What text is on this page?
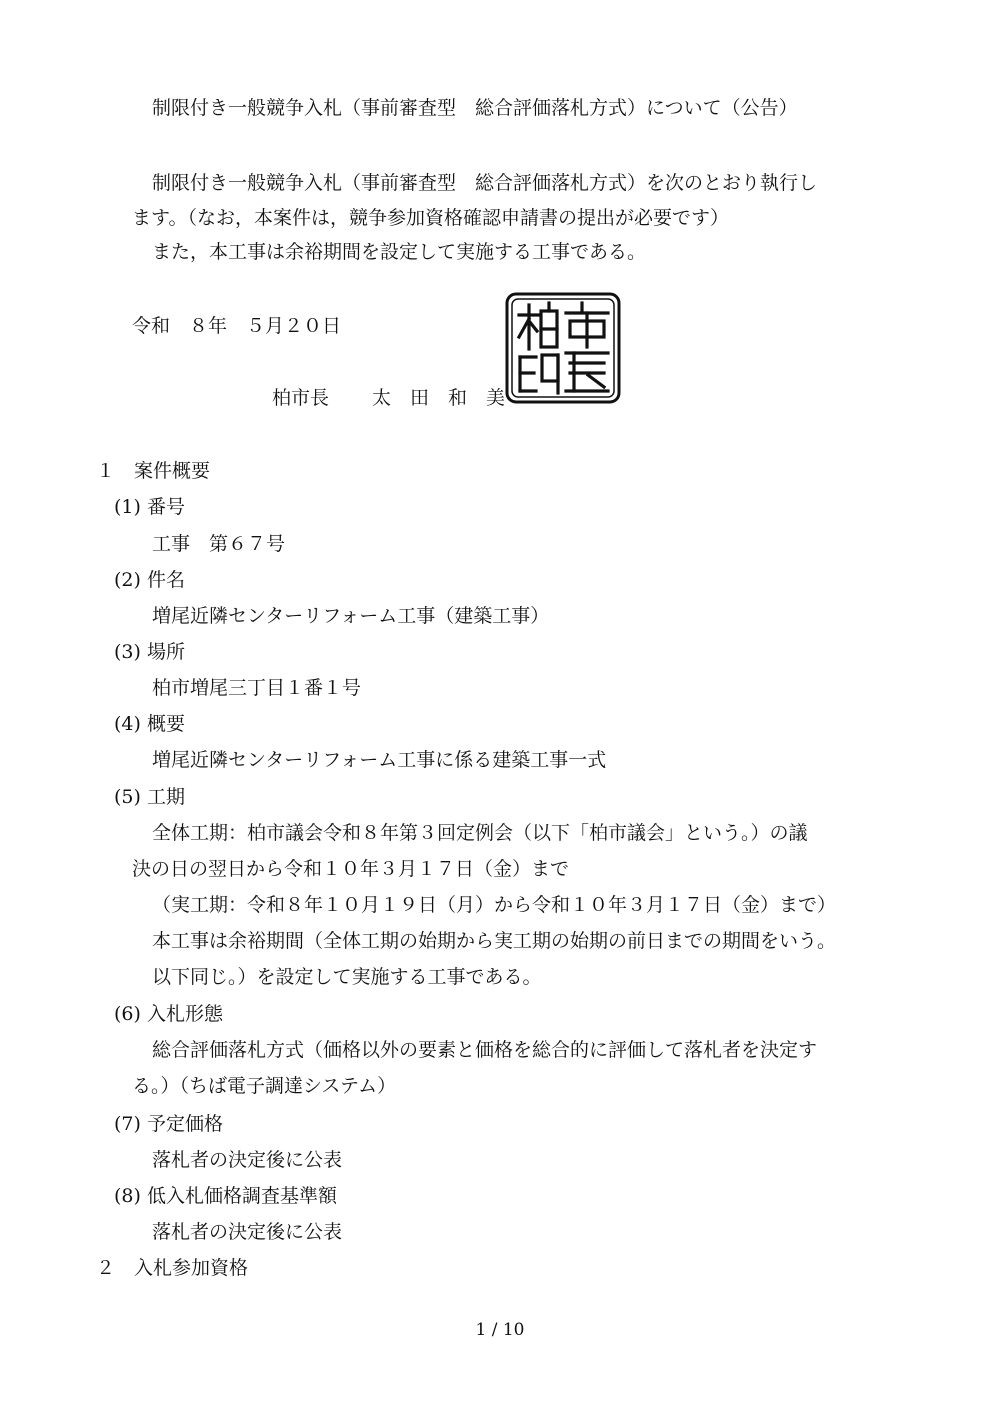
制限付き一般競争入札（事前審査型　総合評価落札方式）について（公告）
制限付き一般競争入札（事前審査型　総合評価落札方式）を次のとおり執行し
ます。（なお，本案件は，競争参加資格確認申請書の提出が必要です）
また，本工事は余裕期間を設定して実施する工事である。
令和　８年　５月２０日
柏市長 太　田　和　美
１　案件概要
(1) 番号
工事　第６７号
(2) 件名
増尾近隣センターリフォーム工事（建築工事）
(3) 場所
柏市増尾三丁目１番１号
(4) 概要
増尾近隣センターリフォーム工事に係る建築工事一式
(5) 工期
全体工期：柏市議会令和８年第３回定例会（以下「柏市議会」という。）の議
決の日の翌日から令和１０年３月１７日（金）まで
（実工期：令和８年１０月１９日（月）から令和１０年３月１７日（金）まで）
本工事は余裕期間（全体工期の始期から実工期の始期の前日までの期間をいう。
以下同じ。）を設定して実施する工事である。
(6) 入札形態
総合評価落札方式（価格以外の要素と価格を総合的に評価して落札者を決定す
る。）（ちば電子調達システム）
(7) 予定価格
落札者の決定後に公表
(8) 低入札価格調査基準額
落札者の決定後に公表
２　入札参加資格
1 / 10
